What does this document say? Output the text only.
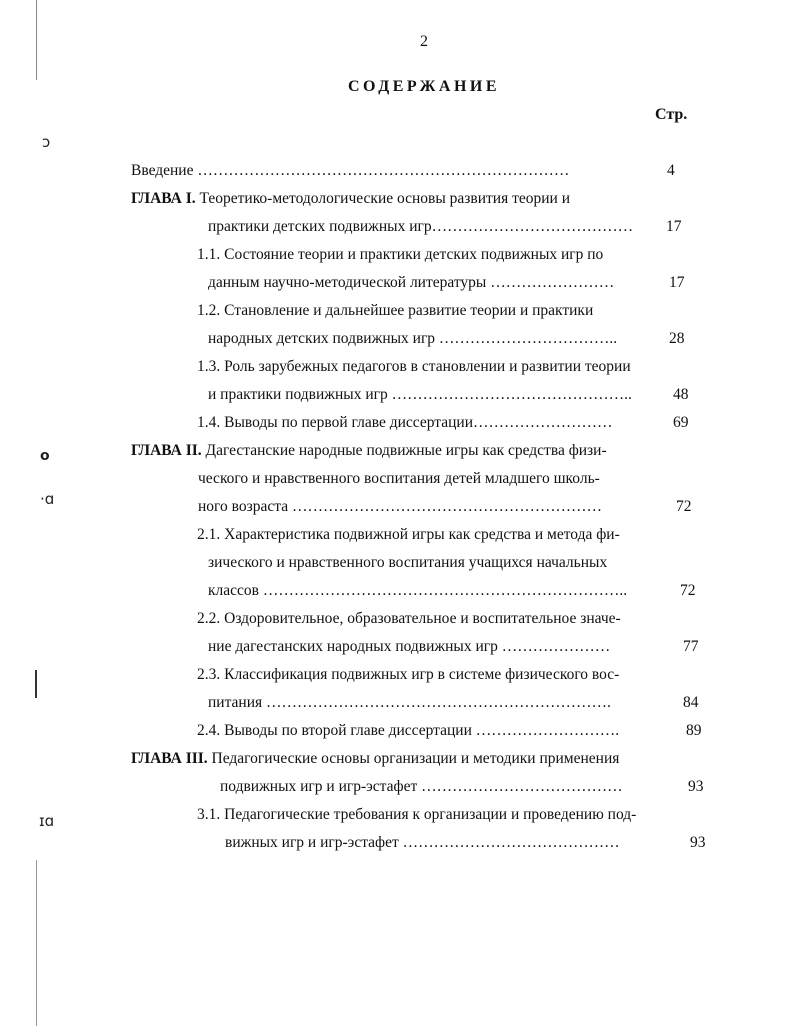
ↄ
o
·ɑ
ɪɑ
2
СОДЕРЖАНИЕ
Стр.
Введение ………………………………………………………………	4
ГЛАВА I. Теоретико-методологические основы развития теории и
практики детских подвижных игр………………………………… 17
1.1. Состояние теории и практики детских подвижных игр по
данным научно-методической литературы ……………………	17
1.2. Становление и дальнейшее развитие теории и практики
народных детских подвижных игр ……………………………..	28
1.3. Роль зарубежных педагогов в становлении и развитии теории
и практики подвижных игр ………………………………………..	48
1.4. Выводы по первой главе диссертации………………………	69
ГЛАВА II. Дагестанские народные подвижные игры как средства физи-
ческого и нравственного воспитания детей младшего школь-
ного возраста ……………………………………………………	72
2.1. Характеристика подвижной игры как средства и метода фи-
зического и нравственного воспитания учащихся начальных
классов ……………………………………………………………..	72
2.2. Оздоровительное, образовательное и воспитательное значе-
ние дагестанских народных подвижных игр …………………	77
2.3. Классификация подвижных игр в системе физического вос-
питания ………………………………………………………….	84
2.4. Выводы по второй главе диссертации ……………………….	89
ГЛАВА III. Педагогические основы организации и методики применения
подвижных игр и игр-эстафет …………………………………	93
3.1. Педагогические требования к организации и проведению под-
вижных игр и игр-эстафет ……………………………………	93
